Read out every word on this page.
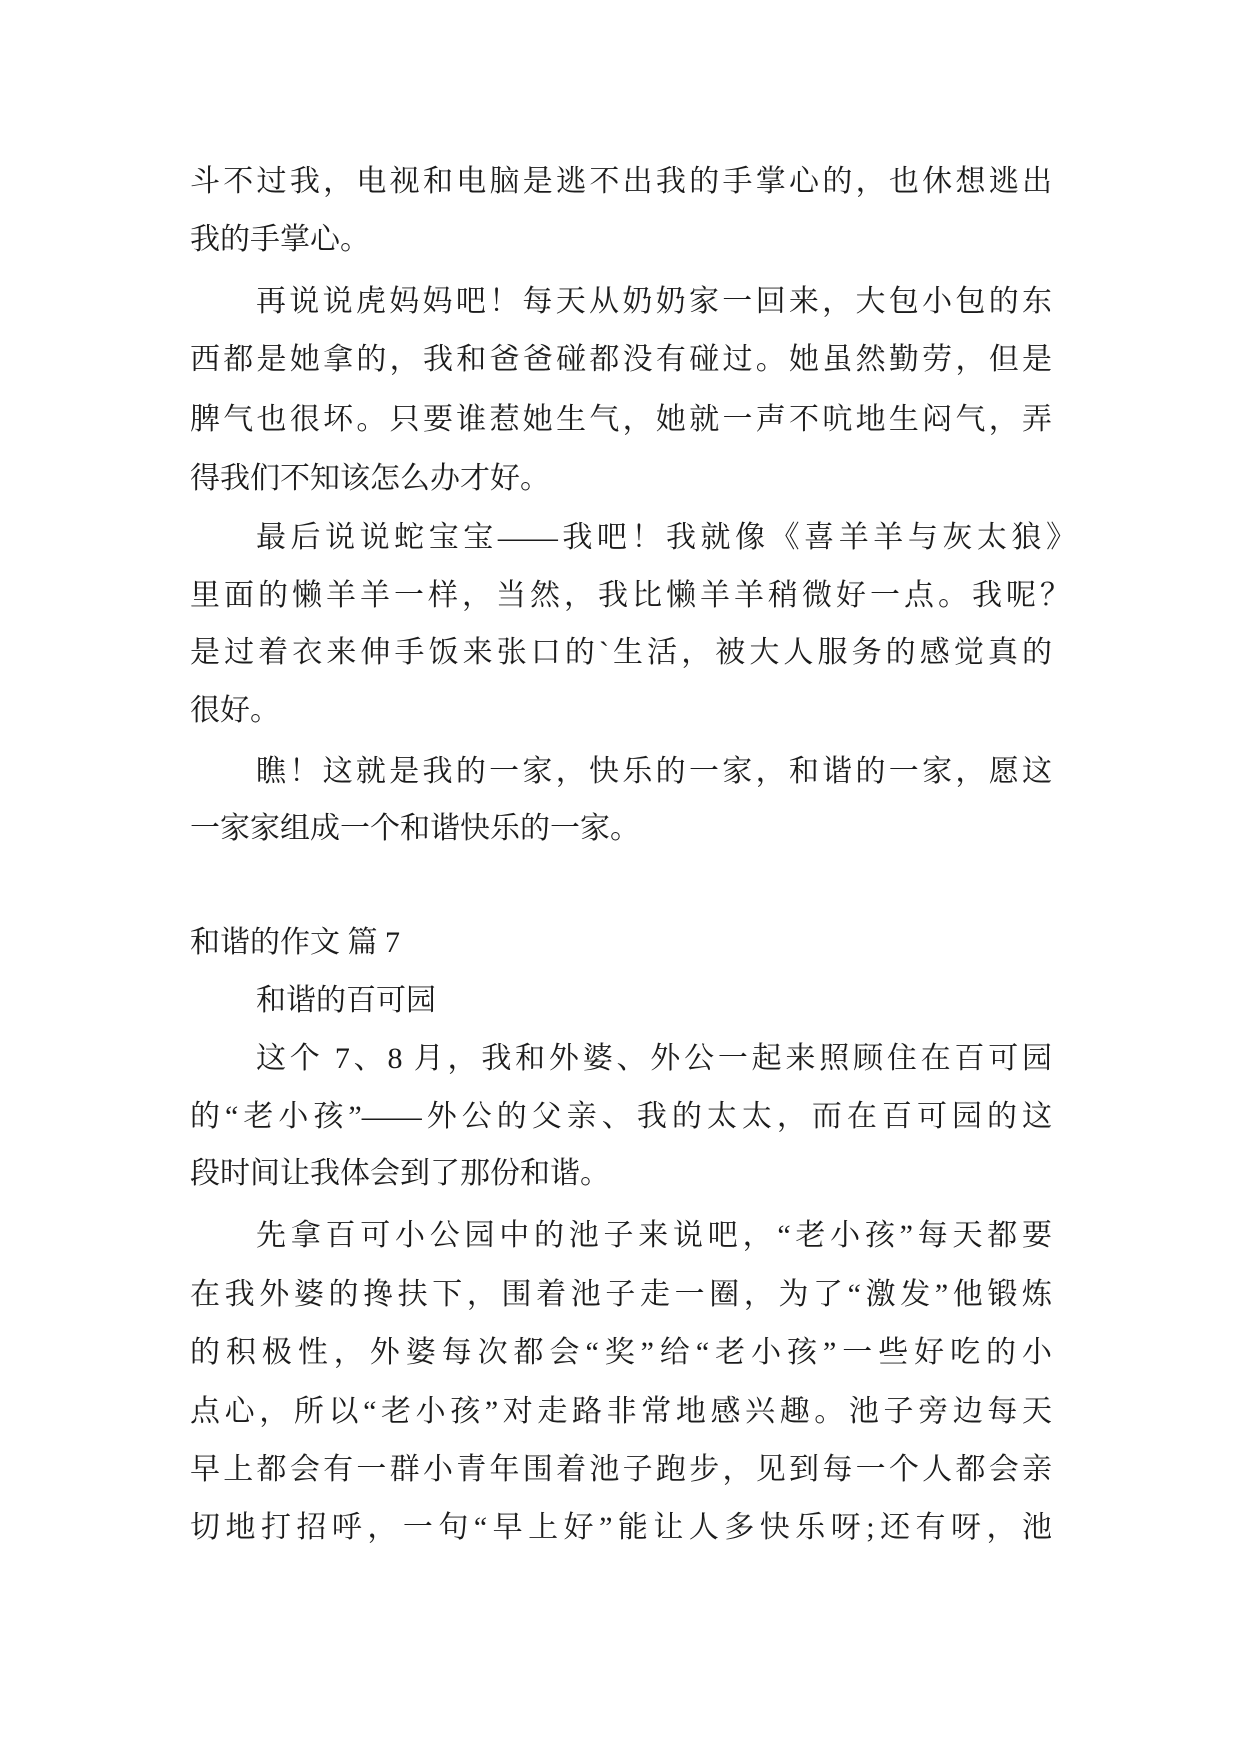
斗不过我，电视和电脑是逃不出我的手掌心的，也休想逃出
我的手掌心。
再说说虎妈妈吧！每天从奶奶家一回来，大包小包的东
西都是她拿的，我和爸爸碰都没有碰过。她虽然勤劳，但是
脾气也很坏。只要谁惹她生气，她就一声不吭地生闷气，弄
得我们不知该怎么办才好。
最后说说蛇宝宝——我吧！我就像《喜羊羊与灰太狼》
里面的懒羊羊一样，当然，我比懒羊羊稍微好一点。我呢？
是过着衣来伸手饭来张口的`生活，被大人服务的感觉真的
很好。
瞧！这就是我的一家，快乐的一家，和谐的一家，愿这
一家家组成一个和谐快乐的一家。
和谐的作文 篇 7
和谐的百可园
这个 7、8 月，我和外婆、外公一起来照顾住在百可园
的“老小孩”——外公的父亲、我的太太，而在百可园的这
段时间让我体会到了那份和谐。
先拿百可小公园中的池子来说吧，“老小孩”每天都要
在我外婆的搀扶下，围着池子走一圈，为了“激发”他锻炼
的积极性，外婆每次都会“奖”给“老小孩”一些好吃的小
点心，所以“老小孩”对走路非常地感兴趣。池子旁边每天
早上都会有一群小青年围着池子跑步，见到每一个人都会亲
切地打招呼，一句“早上好”能让人多快乐呀;还有呀，池
